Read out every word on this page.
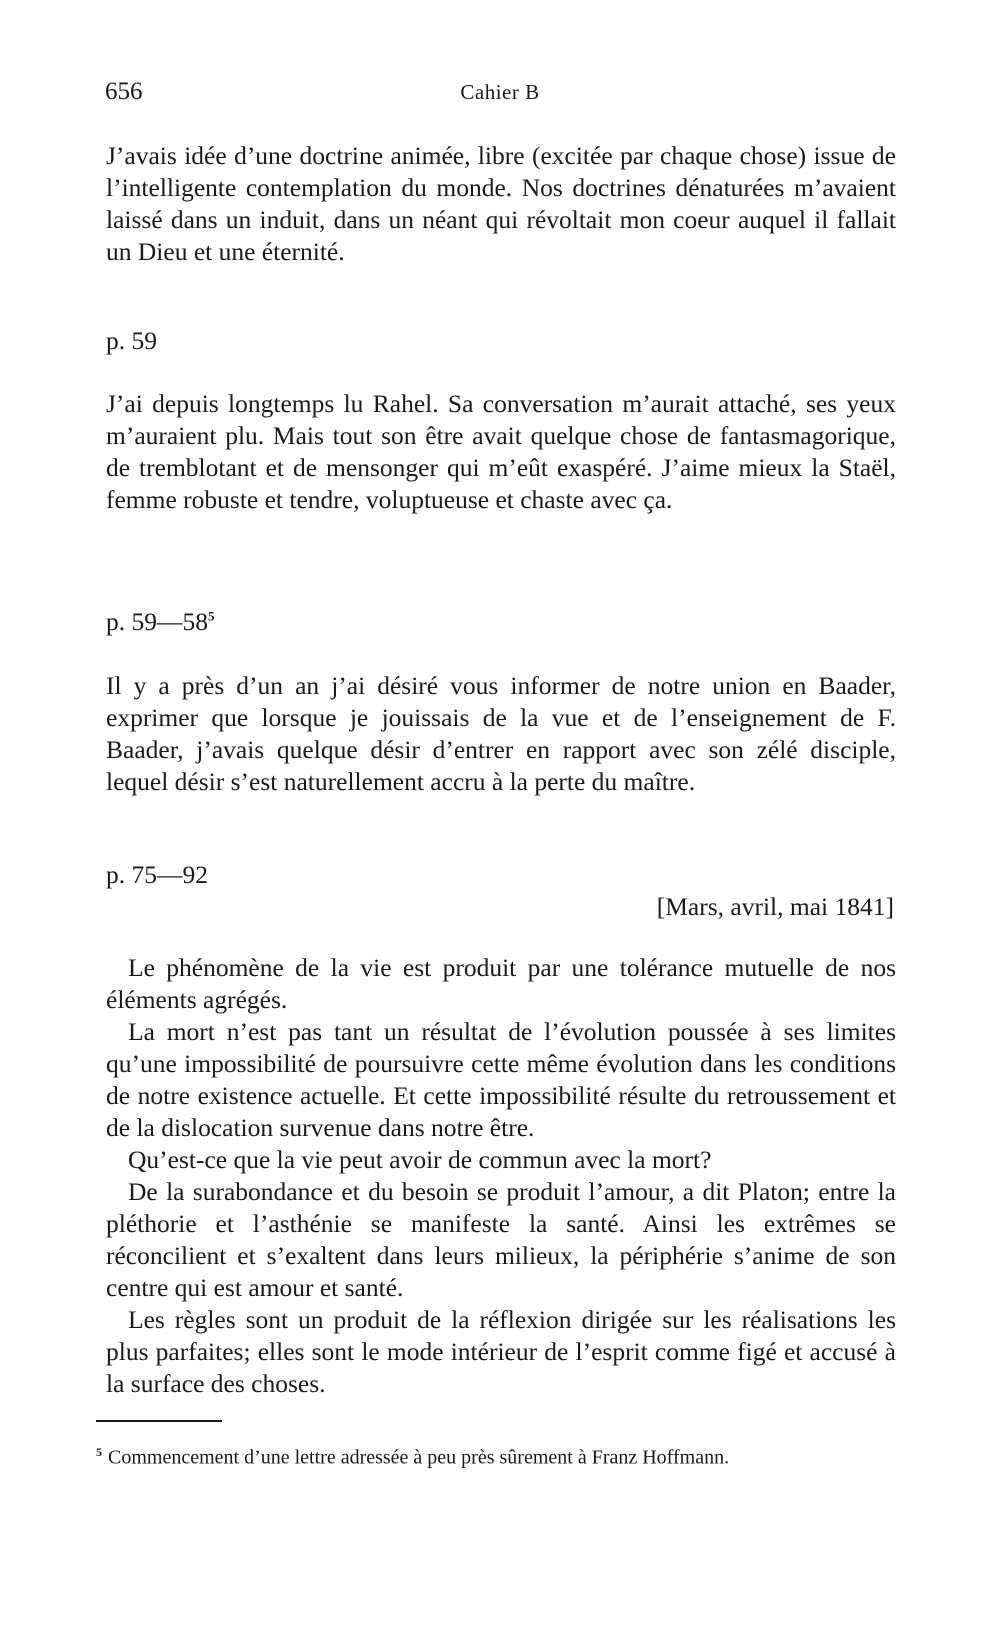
656	Cahier B

J’avais idée d’une doctrine animée, libre (excitée par chaque chose) issue de l’intelligente contemplation du monde. Nos doctrines dénaturées m’avaient laissé dans un induit, dans un néant qui révoltait mon coeur auquel il fallait un Dieu et une éternité.

p. 59

J’ai depuis longtemps lu Rahel. Sa conversation m’aurait attaché, ses yeux m’auraient plu. Mais tout son être avait quelque chose de fantasmagorique, de tremblotant et de mensonger qui m’eût exaspéré. J’aime mieux la Staël, femme robuste et tendre, voluptueuse et chaste avec ça.

p. $59—58^5$

Il y a près d’un an j’ai désiré vous informer de notre union en Baader, exprimer que lorsque je jouissais de la vue et de l’enseignement de F. Baader, j’avais quelque désir d’entrer en rapport avec son zélé disciple, lequel désir s’est naturellement accru à la perte du maître.

p. 75—92

[Mars, avril, mai 1841]

Le phénomène de la vie est produit par une tolérance mutuelle de nos éléments agrégés.

La mort n’est pas tant un résultat de l’évolution poussée à ses limites qu’une impossibilité de poursuivre cette même évolution dans les conditions de notre existence actuelle. Et cette impossibilité résulte du retroussement et de la dislocation survenue dans notre être.

Qu’est-ce que la vie peut avoir de commun avec la mort?

De la surabondance et du besoin se produit l’amour, a dit Platon; entre la pléthorie et l’asthénie se manifeste la santé. Ainsi les extrêmes se réconcilient et s’exaltent dans leurs milieux, la périphérie s’anime de son centre qui est amour et santé.

Les règles sont un produit de la réflexion dirigée sur les réalisations les plus parfaites; elles sont le mode intérieur de l’esprit comme figé et accusé à la surface des choses.

$^5$ Commencement d’une lettre adressée à peu près sûrement à Franz Hoffmann.
